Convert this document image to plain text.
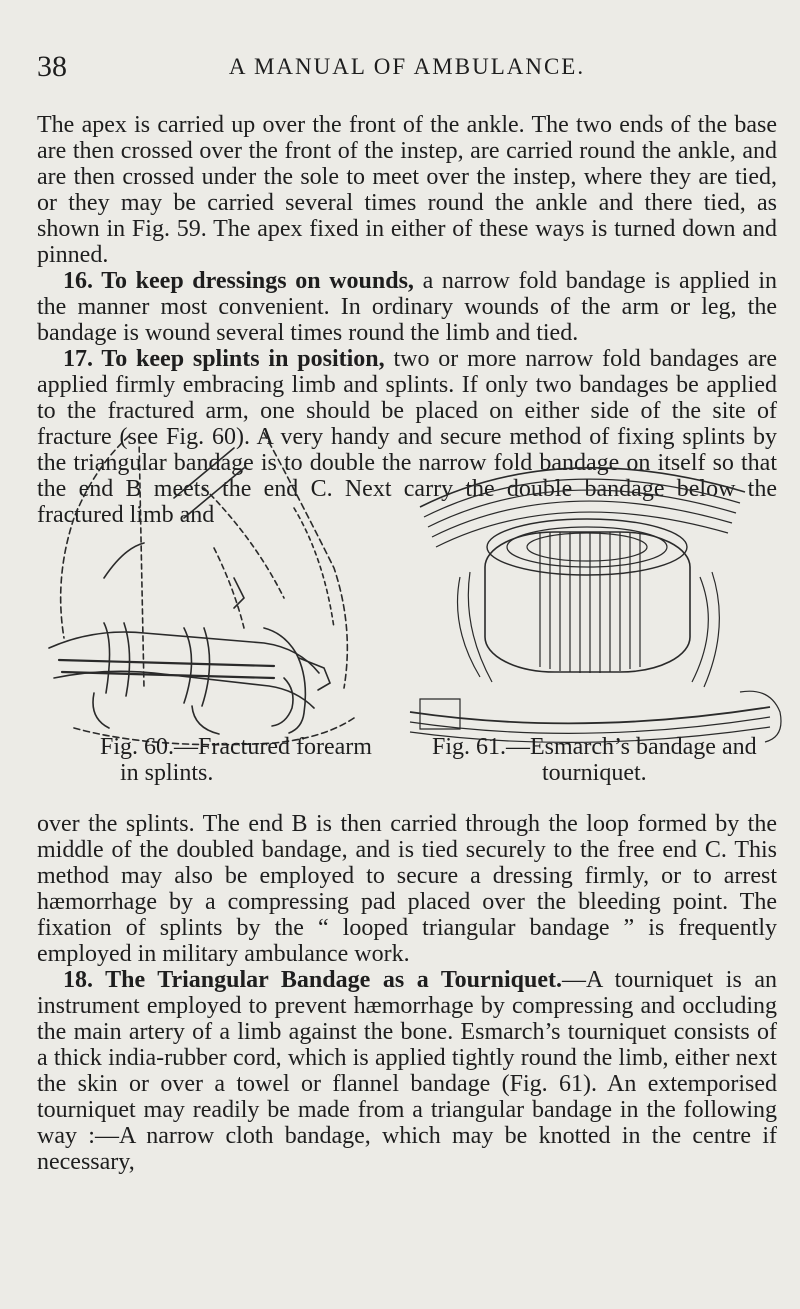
38	A MANUAL OF AMBULANCE.

The apex is carried up over the front of the ankle. The two ends of the base are then crossed over the front of the instep, are carried round the ankle, and are then crossed under the sole to meet over the instep, where they are tied, or they may be carried several times round the ankle and there tied, as shown in Fig. 59. The apex fixed in either of these ways is turned down and pinned.

16. To keep dressings on wounds, a narrow fold bandage is applied in the manner most convenient. In ordinary wounds of the arm or leg, the bandage is wound several times round the limb and tied.

17. To keep splints in position, two or more narrow fold bandages are applied firmly embracing limb and splints. If only two bandages be applied to the fractured arm, one should be placed on either side of the site of fracture (see Fig. 60). A very handy and secure method of fixing splints by the triangular bandage is to double the narrow fold bandage on itself so that the end B meets the end C. Next carry the double bandage below the fractured limb and

Fig. 60.—Fractured forearm
in splints.
Fig. 61.—Esmarch’s bandage and
tourniquet.

over the splints. The end B is then carried through the loop formed by the middle of the doubled bandage, and is tied securely to the free end C. This method may also be employed to secure a dressing firmly, or to arrest hæmorrhage by a compressing pad placed over the bleeding point. The fixation of splints by the “ looped triangular bandage ” is frequently employed in military ambulance work.

18. The Triangular Bandage as a Tourniquet.—A tourniquet is an instrument employed to prevent hæmorrhage by compressing and occluding the main artery of a limb against the bone. Esmarch’s tourniquet consists of a thick india-rubber cord, which is applied tightly round the limb, either next the skin or over a towel or flannel bandage (Fig. 61). An extemporised tourniquet may readily be made from a triangular bandage in the following way :—A narrow cloth bandage, which may be knotted in the centre if necessary,
